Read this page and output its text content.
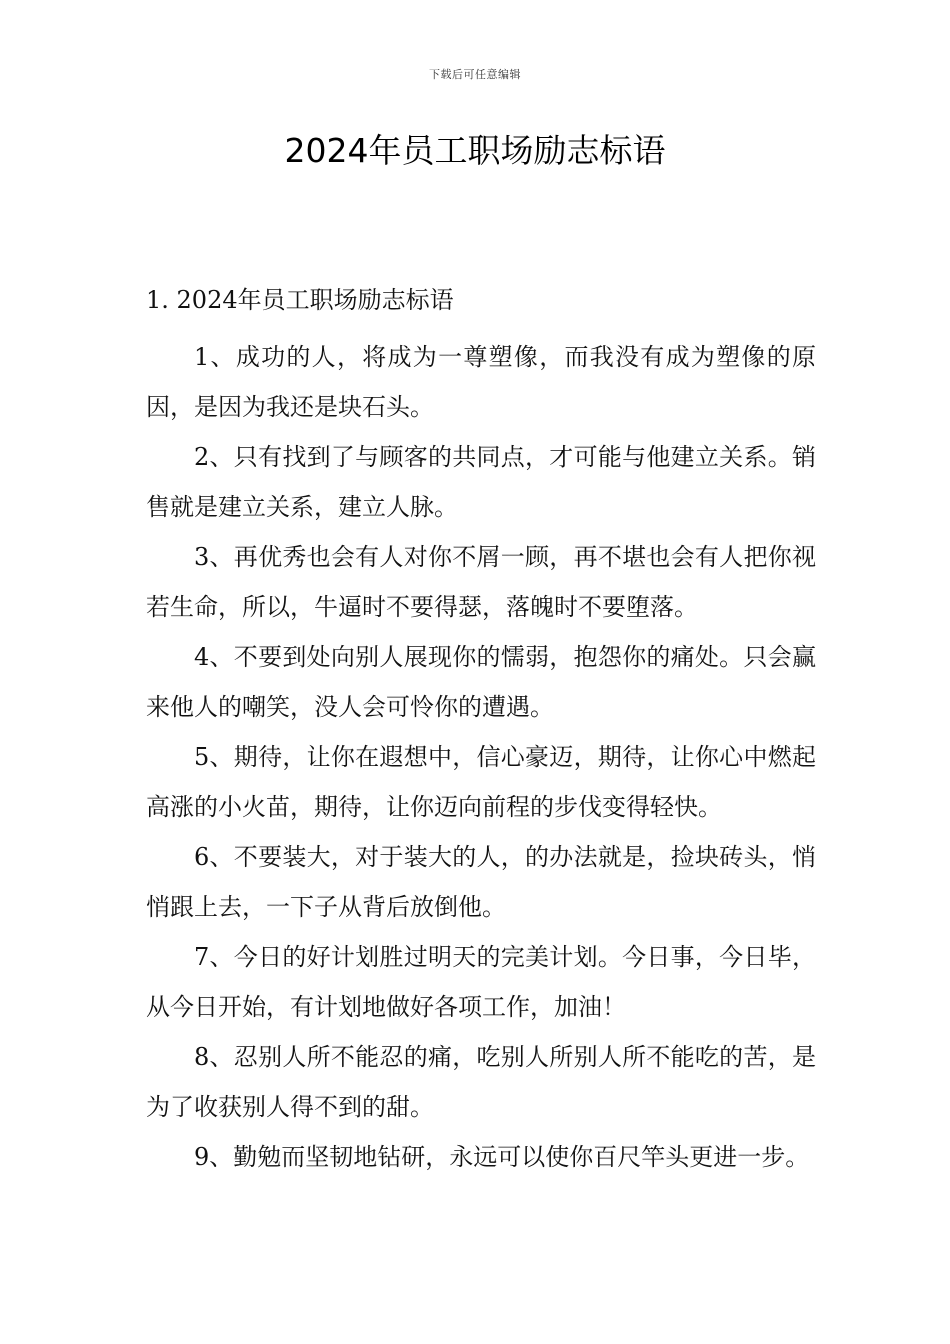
下载后可任意编辑
2024年员工职场励志标语

1. 2024年员工职场励志标语

1、成功的人，将成为一尊塑像，而我没有成为塑像的原因，是因为我还是块石头。

2、只有找到了与顾客的共同点，才可能与他建立关系。销售就是建立关系，建立人脉。

3、再优秀也会有人对你不屑一顾，再不堪也会有人把你视若生命，所以，牛逼时不要得瑟，落魄时不要堕落。

4、不要到处向别人展现你的懦弱，抱怨你的痛处。只会赢来他人的嘲笑，没人会可怜你的遭遇。

5、期待，让你在遐想中，信心豪迈，期待，让你心中燃起高涨的小火苗，期待，让你迈向前程的步伐变得轻快。

6、不要装大，对于装大的人，的办法就是，捡块砖头，悄悄跟上去，一下子从背后放倒他。

7、今日的好计划胜过明天的完美计划。今日事，今日毕，从今日开始，有计划地做好各项工作，加油！

8、忍别人所不能忍的痛，吃别人所别人所不能吃的苦，是为了收获别人得不到的甜。

9、勤勉而坚韧地钻研，永远可以使你百尺竿头更进一步。
